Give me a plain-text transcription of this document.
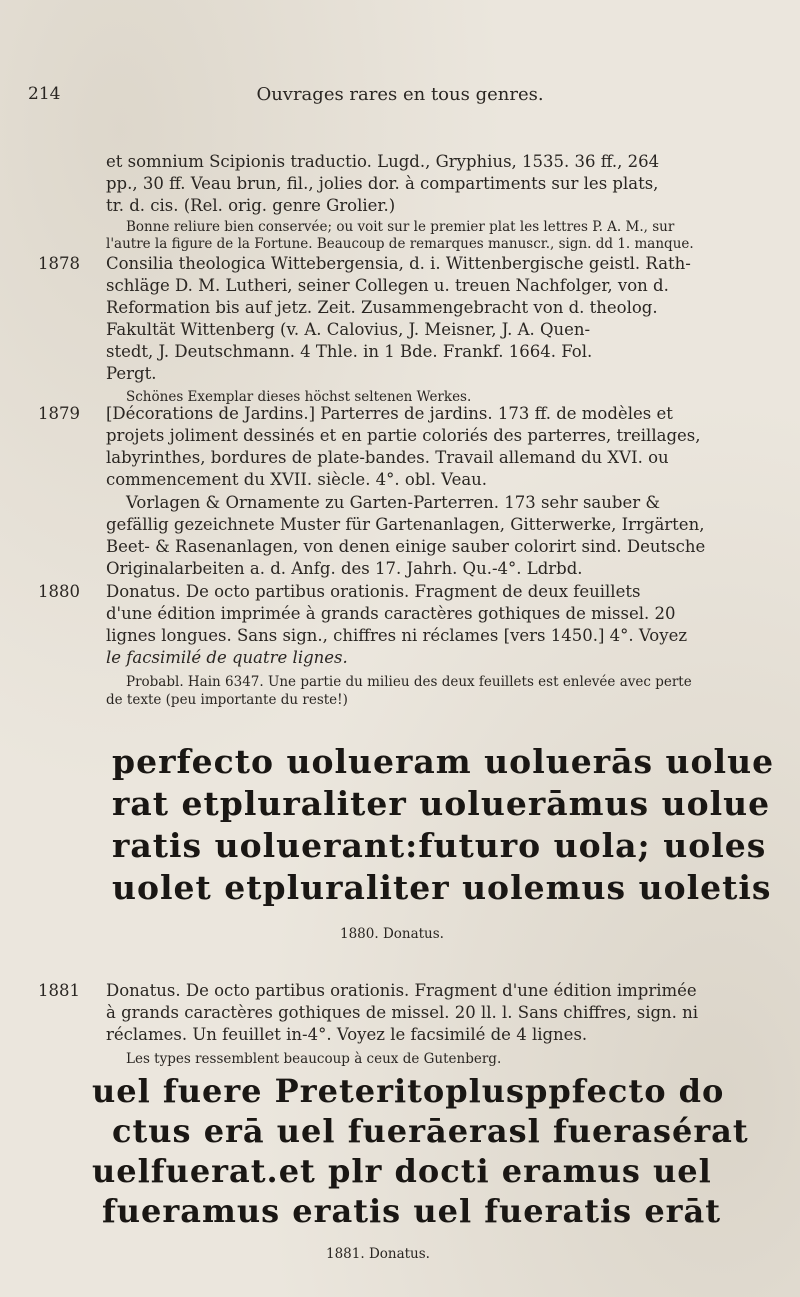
214	Ouvrages rares en tous genres.
et somnium Scipionis traductio. Lugd., Gryphius, 1535. 36 ff., 264
pp., 30 ff. Veau brun, fil., jolies dor. à compartiments sur les plats,
tr. d. cis. (Rel. orig. genre Grolier.)
Bonne reliure bien conservée; ou voit sur le premier plat les lettres P. A. M., sur
l'autre la figure de la Fortune. Beaucoup de remarques manuscr., sign. dd 1. manque.
1878 Consilia theologica Wittebergensia, d. i. Wittenbergische geistl. Rath-
schläge D. M. Lutheri, seiner Collegen u. treuen Nachfolger, von d.
Reformation bis auf jetz. Zeit. Zusammengebracht von d. theolog.
Fakultät Wittenberg (v. A. Calovius, J. Meisner, J. A. Quen-
stedt, J. Deutschmann. 4 Thle. in 1 Bde. Frankf. 1664. Fol.
Pergt.
Schönes Exemplar dieses höchst seltenen Werkes.
1879 [Décorations de Jardins.] Parterres de jardins. 173 ff. de modèles et
projets joliment dessinés et en partie coloriés des parterres, treillages,
labyrinthes, bordures de plate-bandes. Travail allemand du XVI. ou
commencement du XVII. siècle. 4°. obl. Veau.
Vorlagen & Ornamente zu Garten-Parterren. 173 sehr sauber &
gefällig gezeichnete Muster für Gartenanlagen, Gitterwerke, Irrgärten,
Beet- & Rasenanlagen, von denen einige sauber colorirt sind. Deutsche
Originalarbeiten a. d. Anfg. des 17. Jahrh. Qu.-4°. Ldrbd.
1880 Donatus. De octo partibus orationis. Fragment de deux feuillets
d'une édition imprimée à grands caractères gothiques de missel. 20
lignes longues. Sans sign., chiffres ni réclames [vers 1450.] 4°. Voyez
le facsimilé de quatre lignes.
Probabl. Hain 6347. Une partie du milieu des deux feuillets est enlevée avec perte
de texte (peu importante du reste!)
perfecto uolueram uoluerās uolue
rat etpluraliter uoluerāmus uolue
ratis uoluerant:futuro uola; uoles
uolet etpluraliter uolemus uoletis
1880. Donatus.
1881 Donatus. De octo partibus orationis. Fragment d'une édition imprimée
à grands caractères gothiques de missel. 20 ll. l. Sans chiffres, sign. ni
réclames. Un feuillet in-4°. Voyez le facsimilé de 4 lignes.
Les types ressemblent beaucoup à ceux de Gutenberg.
uel fuere Preteritoplusppfecto do
ctus erā uel fuerāerasl fuerasérat
uelfuerat.et plr docti eramus uel
fueramus eratis uel fueratis erāt
1881. Donatus.
